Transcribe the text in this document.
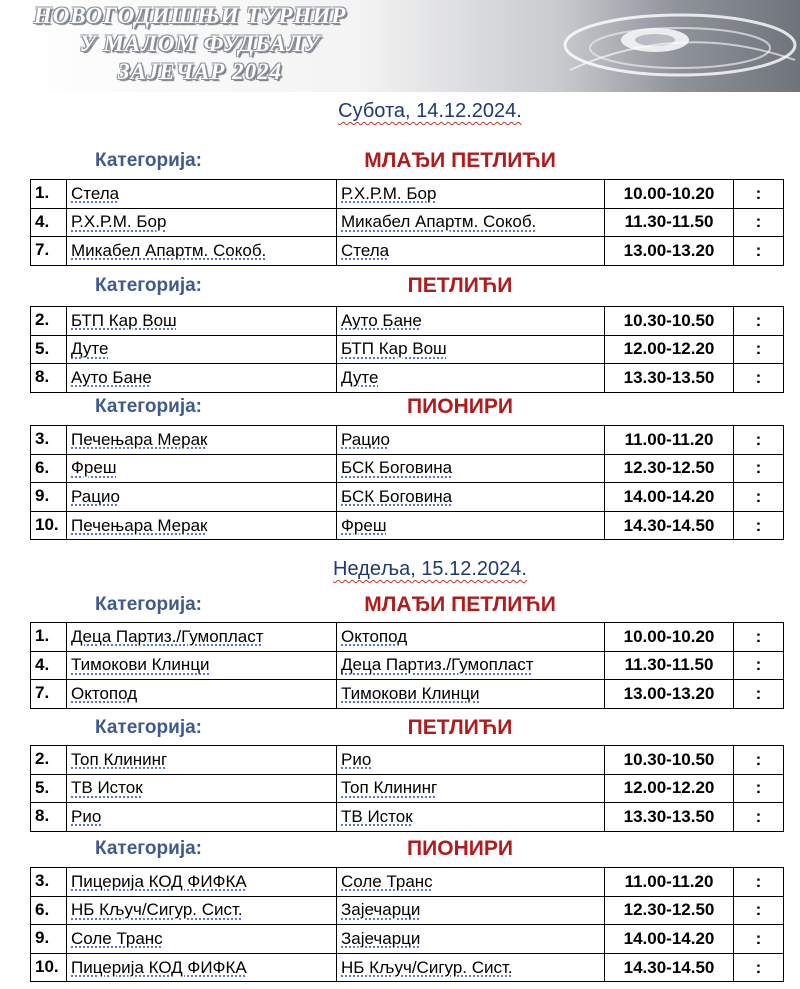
НОВОГОДИШЊИ ТУРНИР
У МАЛОМ ФУДБАЛУ
ЗАЈЕЧАР 2024
Субота, 14.12.2024.
Категорија:	МЛАЂИ ПЕТЛИЋИ
1.	Стела	Р.Х.Р.М. Бор	10.00-10.20	:
4.	Р.Х.Р.М. Бор	Микабел Апартм. Сокоб.	11.30-11.50	:
7.	Микабел Апартм. Сокоб.	Стела	13.00-13.20	:
Категорија:	ПЕТЛИЋИ
2.	БТП Кар Вош	Ауто Бане	10.30-10.50	:
5.	Дуте	БТП Кар Вош	12.00-12.20	:
8.	Ауто Бане	Дуте	13.30-13.50	:
Категорија:	ПИОНИРИ
3.	Печењара Мерак	Рацио	11.00-11.20	:
6.	Фреш	БСК Боговина	12.30-12.50	:
9.	Рацио	БСК Боговина	14.00-14.20	:
10.	Печењара Мерак	Фреш	14.30-14.50	:
Недеља, 15.12.2024.
Категорија:	МЛАЂИ ПЕТЛИЋИ
1.	Деца Партиз./Гумопласт	Октопод	10.00-10.20	:
4.	Тимокови Клинци	Деца Партиз./Гумопласт	11.30-11.50	:
7.	Октопод	Тимокови Клинци	13.00-13.20	:
Категорија:	ПЕТЛИЋИ
2.	Топ Клининг	Рио	10.30-10.50	:
5.	ТВ Исток	Топ Клининг	12.00-12.20	:
8.	Рио	ТВ Исток	13.30-13.50	:
Категорија:	ПИОНИРИ
3.	Пицерија КОД ФИФКА	Соле Транс	11.00-11.20	:
6.	НБ Кључ/Сигур. Сист.	Зајечарци	12.30-12.50	:
9.	Соле Транс	Зајечарци	14.00-14.20	:
10.	Пицерија КОД ФИФКА	НБ Кључ/Сигур. Сист.	14.30-14.50	:
